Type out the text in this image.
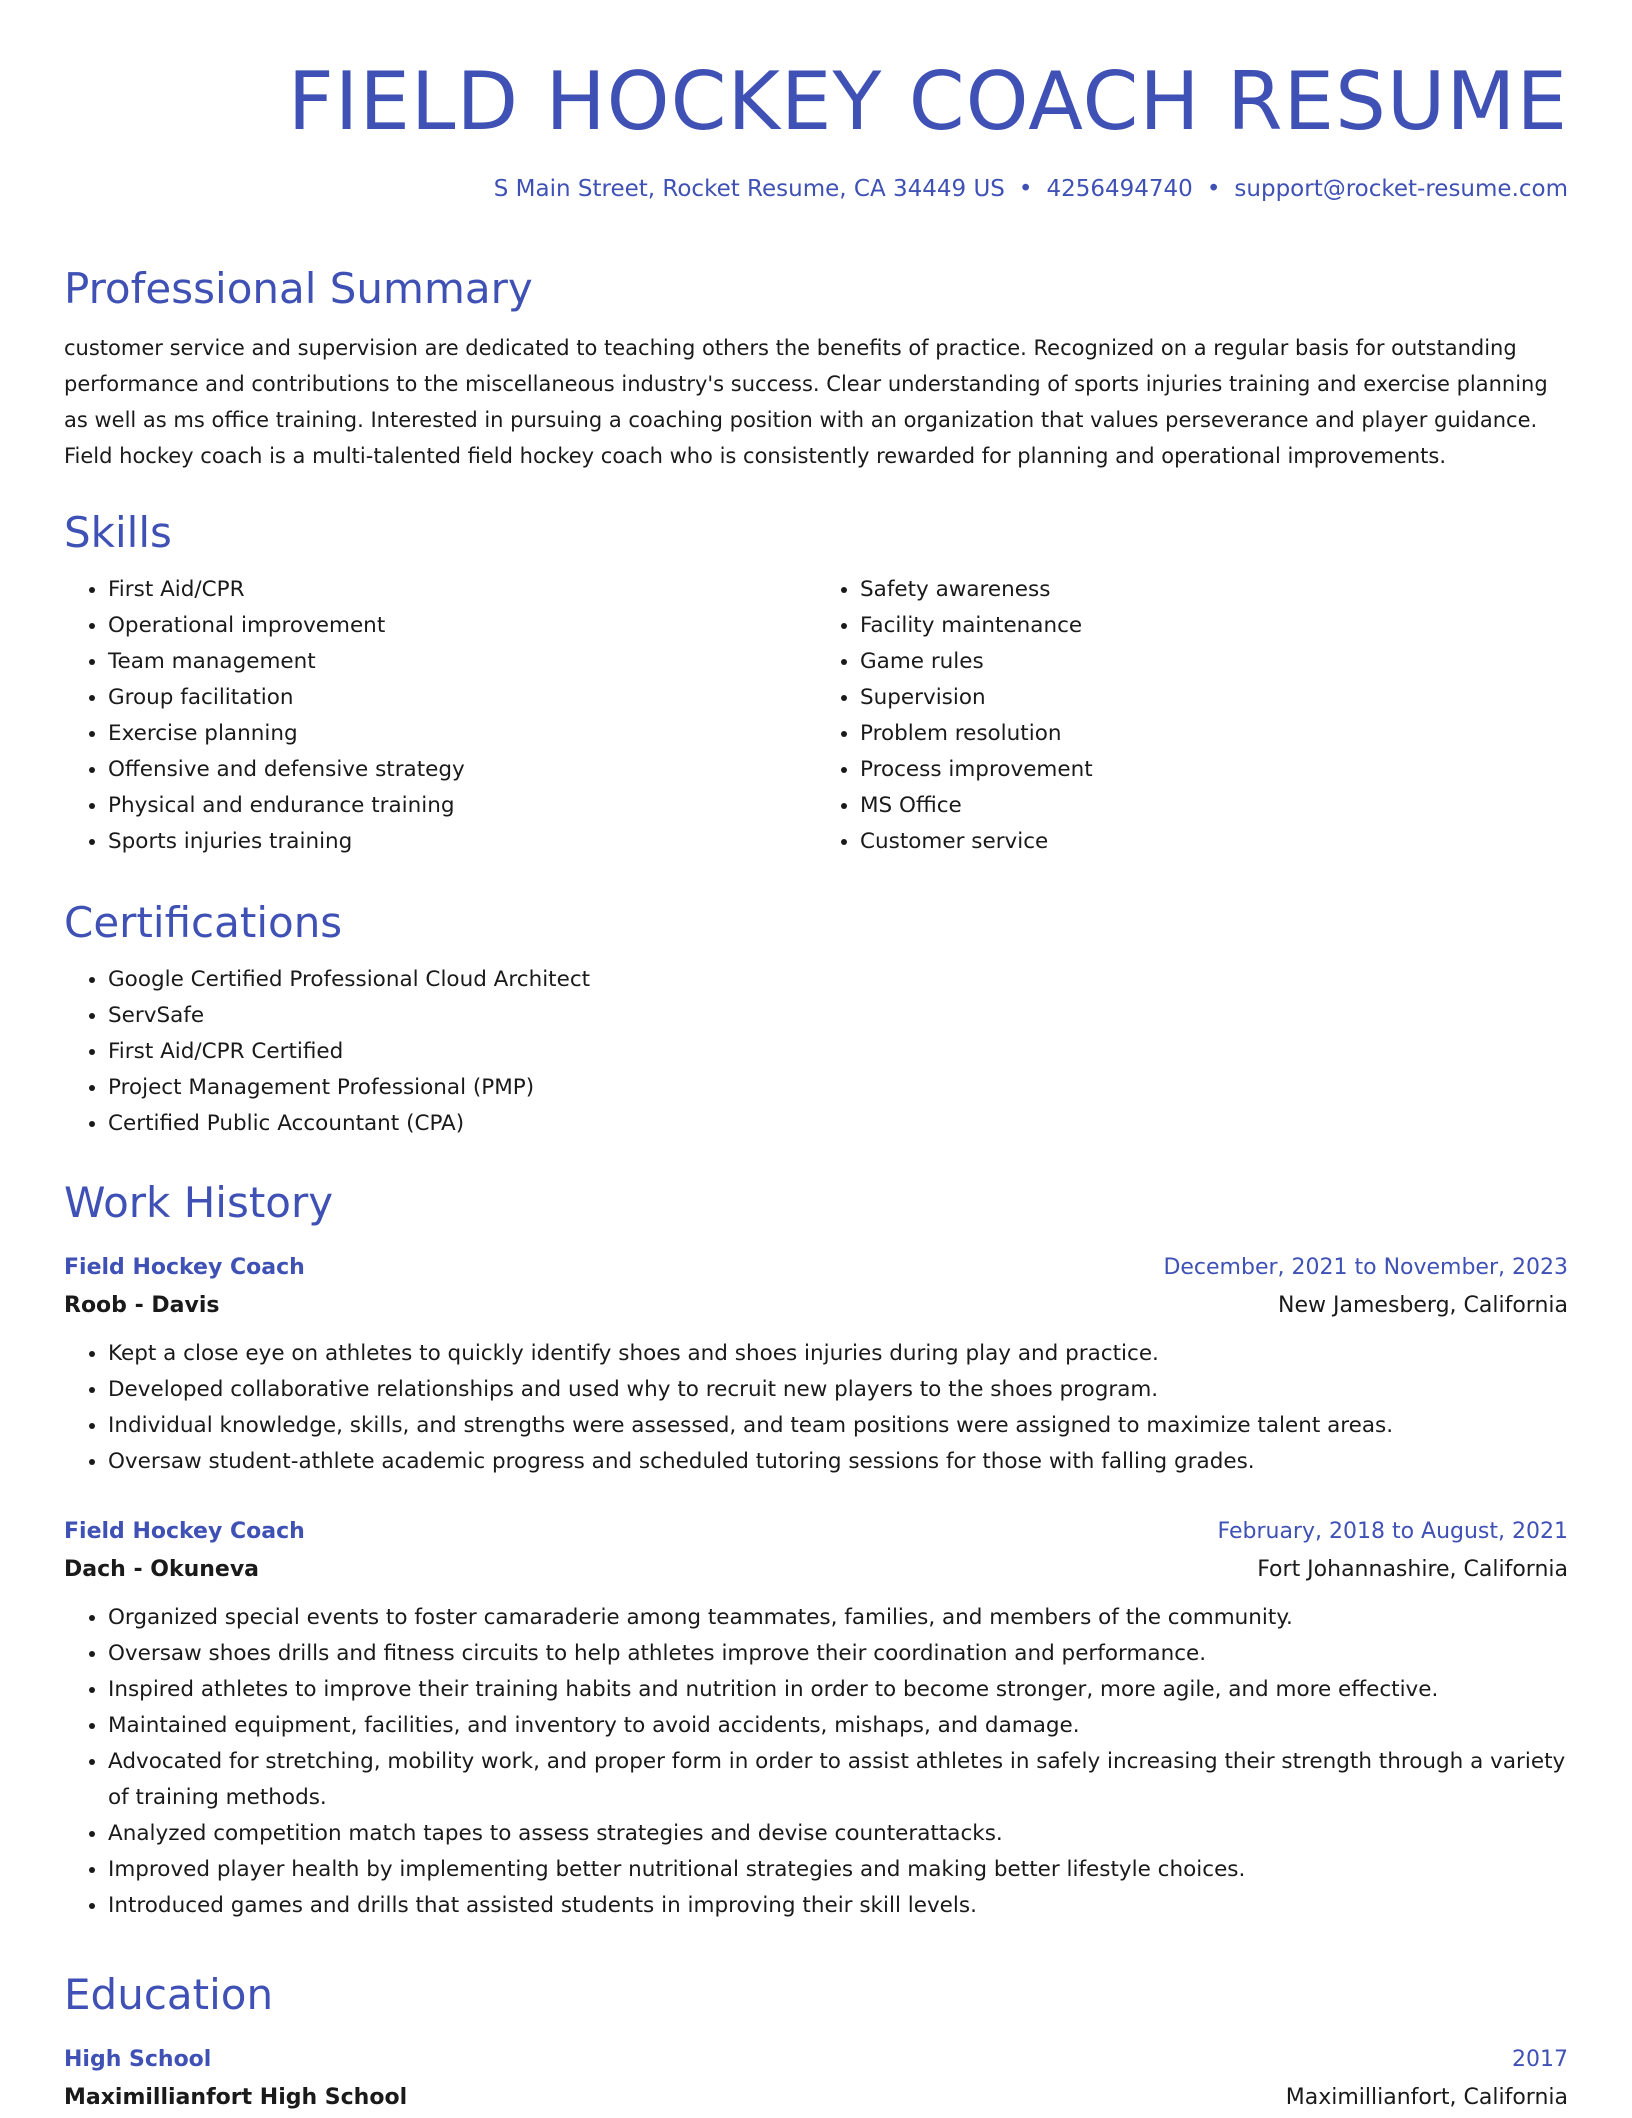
FIELD HOCKEY COACH RESUME
S Main Street, Rocket Resume, CA 34449 US • 4256494740 • support@rocket-resume.com
Professional Summary

customer service and supervision are dedicated to teaching others the benefits of practice. Recognized on a regular basis for outstanding performance and contributions to the miscellaneous industry's success. Clear understanding of sports injuries training and exercise planning as well as ms office training. Interested in pursuing a coaching position with an organization that values perseverance and player guidance. Field hockey coach is a multi-talented field hockey coach who is consistently rewarded for planning and operational improvements.

Skills
• First Aid/CPR
• Operational improvement
• Team management
• Group facilitation
• Exercise planning
• Offensive and defensive strategy
• Physical and endurance training
• Sports injuries training
• Safety awareness
• Facility maintenance
• Game rules
• Supervision
• Problem resolution
• Process improvement
• MS Office
• Customer service
Certifications
• Google Certified Professional Cloud Architect
• ServSafe
• First Aid/CPR Certified
• Project Management Professional (PMP)
• Certified Public Accountant (CPA)
Work History
Field Hockey Coach	December, 2021 to November, 2023
Roob - Davis	New Jamesberg, California
• Kept a close eye on athletes to quickly identify shoes and shoes injuries during play and practice.
• Developed collaborative relationships and used why to recruit new players to the shoes program.
• Individual knowledge, skills, and strengths were assessed, and team positions were assigned to maximize talent areas.
• Oversaw student-athlete academic progress and scheduled tutoring sessions for those with falling grades.
Field Hockey Coach	February, 2018 to August, 2021
Dach - Okuneva	Fort Johannashire, California
• Organized special events to foster camaraderie among teammates, families, and members of the community.
• Oversaw shoes drills and fitness circuits to help athletes improve their coordination and performance.
• Inspired athletes to improve their training habits and nutrition in order to become stronger, more agile, and more effective.
• Maintained equipment, facilities, and inventory to avoid accidents, mishaps, and damage.
• Advocated for stretching, mobility work, and proper form in order to assist athletes in safely increasing their strength through a variety of training methods.
• Analyzed competition match tapes to assess strategies and devise counterattacks.
• Improved player health by implementing better nutritional strategies and making better lifestyle choices.
• Introduced games and drills that assisted students in improving their skill levels.
Education
High School	2017
Maximillianfort High School	Maximillianfort, California
